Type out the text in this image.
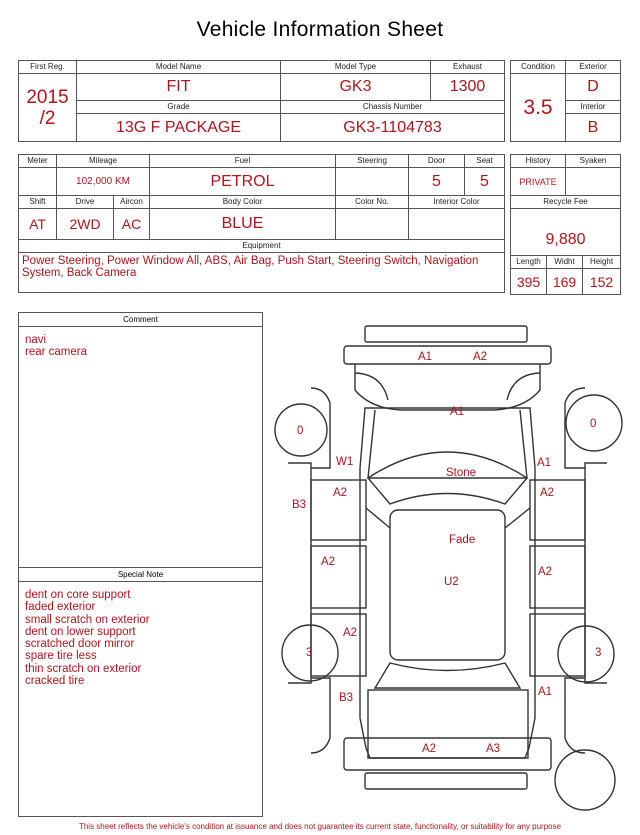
Vehicle Information Sheet
First Reg.	Model Name	Model Type	Exhaust

2015
/2	FIT	GK3	1300
	Grade	Chassis Number	
	13G F PACKAGE	GK3-1104783	
Condition	Exterior
3.5	D
	Interior
	B
Meter	Mileage		Fuel	Steering	Door	Seat
	102,000 KM		PETROL		5	5
Shift	Drive	Aircon	Body Color	Color No.	Interior Color	
AT	2WD	AC	BLUE			
Equipment						
Power Steering, Power Window All, ABS, Air Bag, Push Start, Steering Switch, Navigation System, Back Camera						
History		Syaken	
PRIVATE			
Recycle Fee			
9,880			
Length	Widht		Height
395	169		152
Comment
navi
rear camera
Special Note
dent on core support
faded exterior
small scratch on exterior
dent on lower support
scratched door mirror
spare tire less
thin scratch on exterior
cracked tire
A1	A2
A1
0
0
W1
Stone
A1
A2	A2
B3
Fade
A2
A2
U2
A2
3	3
B3	A1
A2	A3
This sheet reflects the vehicle's condition at issuance and does not guarantee its current state, functionality, or suitability for any purpose
